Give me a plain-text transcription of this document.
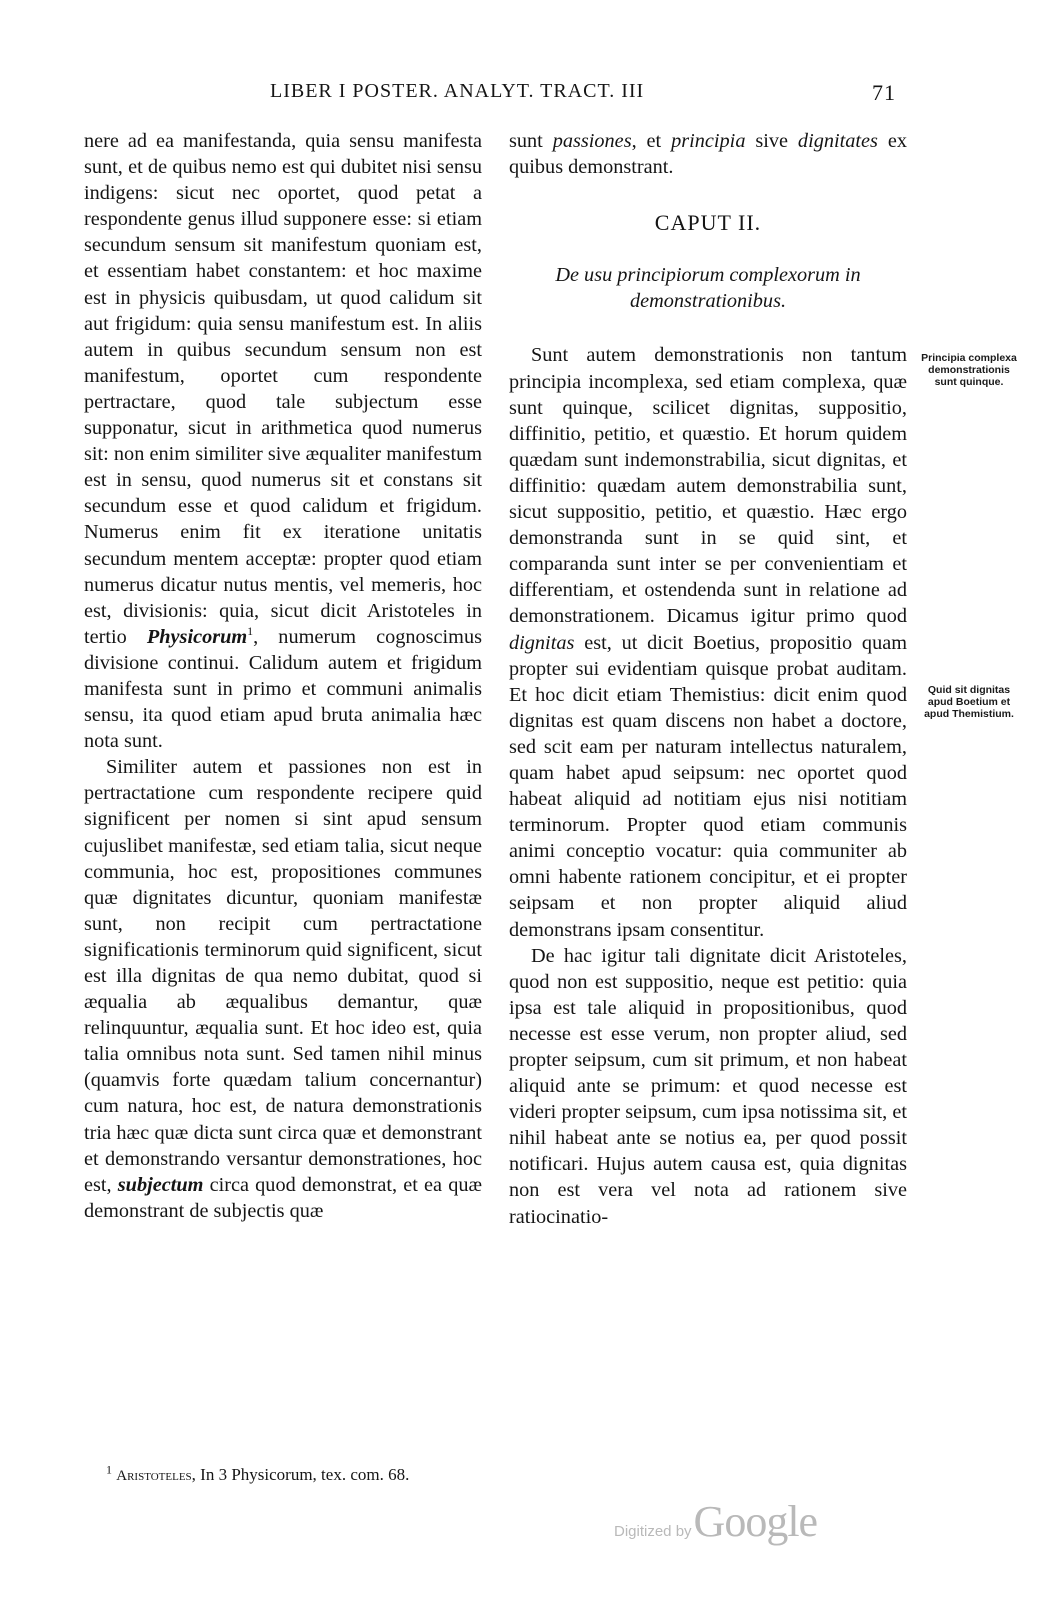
LIBER I POSTER. ANALYT. TRACT. III	71

nere ad ea manifestanda, quia sensu manifesta sunt, et de quibus nemo est qui dubitet nisi sensu indigens: sicut nec oportet, quod petat a respondente genus illud supponere esse: si etiam secundum sensum sit manifestum quoniam est, et essentiam habet constantem: et hoc maxime est in physicis quibusdam, ut quod calidum sit aut frigidum: quia sensu manifestum est. In aliis autem in quibus secundum sensum non est manifestum, oportet cum respondente pertractare, quod tale subjectum esse supponatur, sicut in arithmetica quod numerus sit: non enim similiter sive æqualiter manifestum est in sensu, quod numerus sit et constans sit secundum esse et quod calidum et frigidum. Numerus enim fit ex iteratione unitatis secundum mentem acceptæ: propter quod etiam numerus dicatur nutus mentis, vel memeris, hoc est, divisionis: quia, sicut dicit Aristoteles in tertio Physicorum$^1$, numerum cognoscimus divisione continui. Calidum autem et frigidum manifesta sunt in primo et communi animalis sensu, ita quod etiam apud bruta animalia hæc nota sunt.

Similiter autem et passiones non est in pertractatione cum respondente recipere quid significent per nomen si sint apud sensum cujuslibet manifestæ, sed etiam talia, sicut neque communia, hoc est, propositiones communes quæ dignitates dicuntur, quoniam manifestæ sunt, non recipit cum pertractatione significationis terminorum quid significent, sicut est illa dignitas de qua nemo dubitat, quod si æqualia ab æqualibus demantur, quæ relinquuntur, æqualia sunt. Et hoc ideo est, quia talia omnibus nota sunt. Sed tamen nihil minus (quamvis forte quædam talium concernantur) cum natura, hoc est, de natura demonstrationis tria hæc quæ dicta sunt circa quæ et demonstrant et demonstrando versantur demonstrationes, hoc est, subjectum circa quod demonstrat, et ea quæ demonstrant de subjectis quæ

sunt passiones, et principia sive dignitates ex quibus demonstrant.

CAPUT II.
De usu principiorum complexorum in demonstrationibus.

Sunt autem demonstrationis non tantum principia incomplexa, sed etiam complexa, quæ sunt quinque, scilicet dignitas, suppositio, diffinitio, petitio, et quæstio. Et horum quidem quædam sunt indemonstrabilia, sicut dignitas, et diffinitio: quædam autem demonstrabilia sunt, sicut suppositio, petitio, et quæstio. Hæc ergo demonstranda sunt in se quid sint, et comparanda sunt inter se per convenientiam et differentiam, et ostendenda sunt in relatione ad demonstrationem. Dicamus igitur primo quod dignitas est, ut dicit Boetius, propositio quam propter sui evidentiam quisque probat auditam. Et hoc dicit etiam Themistius: dicit enim quod dignitas est quam discens non habet a doctore, sed scit eam per naturam intellectus naturalem, quam habet apud seipsum: nec oportet quod habeat aliquid ad notitiam ejus nisi notitiam terminorum. Propter quod etiam communis animi conceptio vocatur: quia communiter ab omni habente rationem concipitur, et ei propter seipsam et non propter aliquid aliud demonstrans ipsam consentitur.

De hac igitur tali dignitate dicit Aristoteles, quod non est suppositio, neque est petitio: quia ipsa est tale aliquid in propositionibus, quod necesse est esse verum, non propter aliud, sed propter seipsum, cum sit primum, et non habeat aliquid ante se primum: et quod necesse est videri propter seipsum, cum ipsa notissima sit, et nihil habeat ante se notius ea, per quod possit notificari. Hujus autem causa est, quia dignitas non est vera vel nota ad rationem sive ratiocinatio-

Principia complexa demonstrationis sunt quinque.
Quid sit dignitas apud Boetium et apud Themistium.
$^1$ Aristoteles, In 3 Physicorum, tex. com. 68.
Digitized by Google
